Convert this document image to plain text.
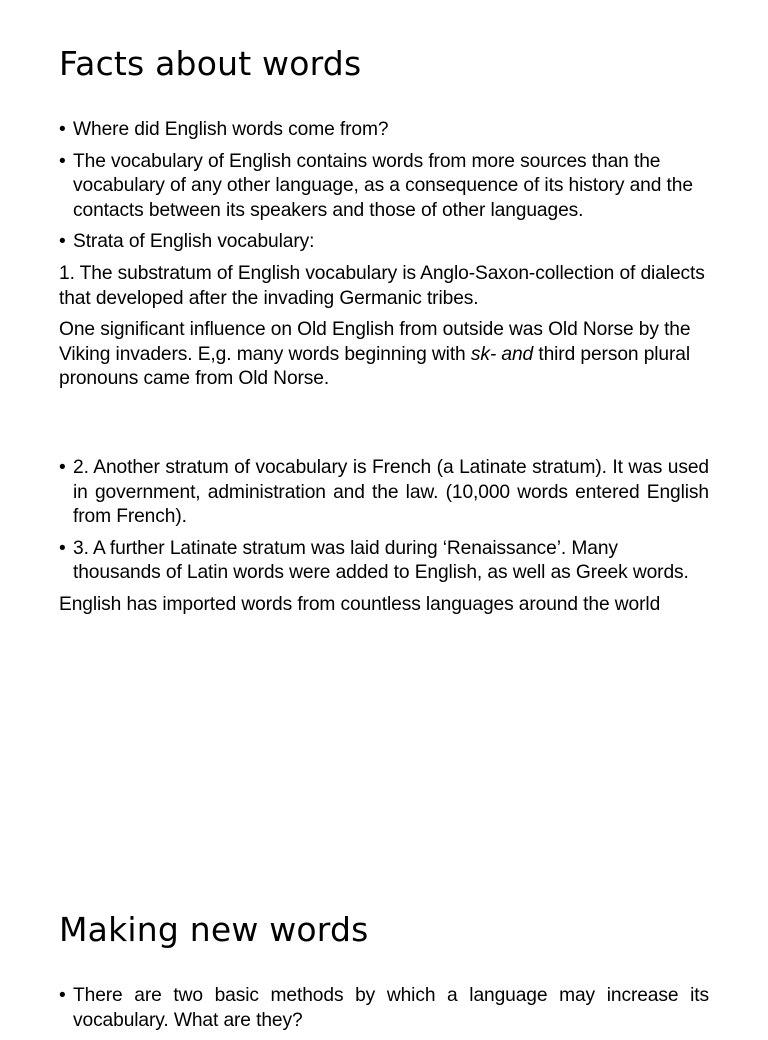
Facts about words

• Where did English words come from?

• The vocabulary of English contains words from more sources than the vocabulary of any other language, as a consequence of its history and the contacts between its speakers and those of other languages.

• Strata of English vocabulary:

1. The substratum of English vocabulary is Anglo-Saxon-collection of dialects that developed after the invading Germanic tribes.

One significant influence on Old English from outside was Old Norse by the Viking invaders. E,g. many words beginning with sk- and third person plural pronouns came from Old Norse.

• 2. Another stratum of vocabulary is French (a Latinate stratum). It was used in government, administration and the law. (10,000 words entered English from French).

• 3. A further Latinate stratum was laid during ‘Renaissance’. Many thousands of Latin words were added to English, as well as Greek words.

English has imported words from countless languages around the world

Making new words

• There are two basic methods by which a language may increase its vocabulary. What are they?
